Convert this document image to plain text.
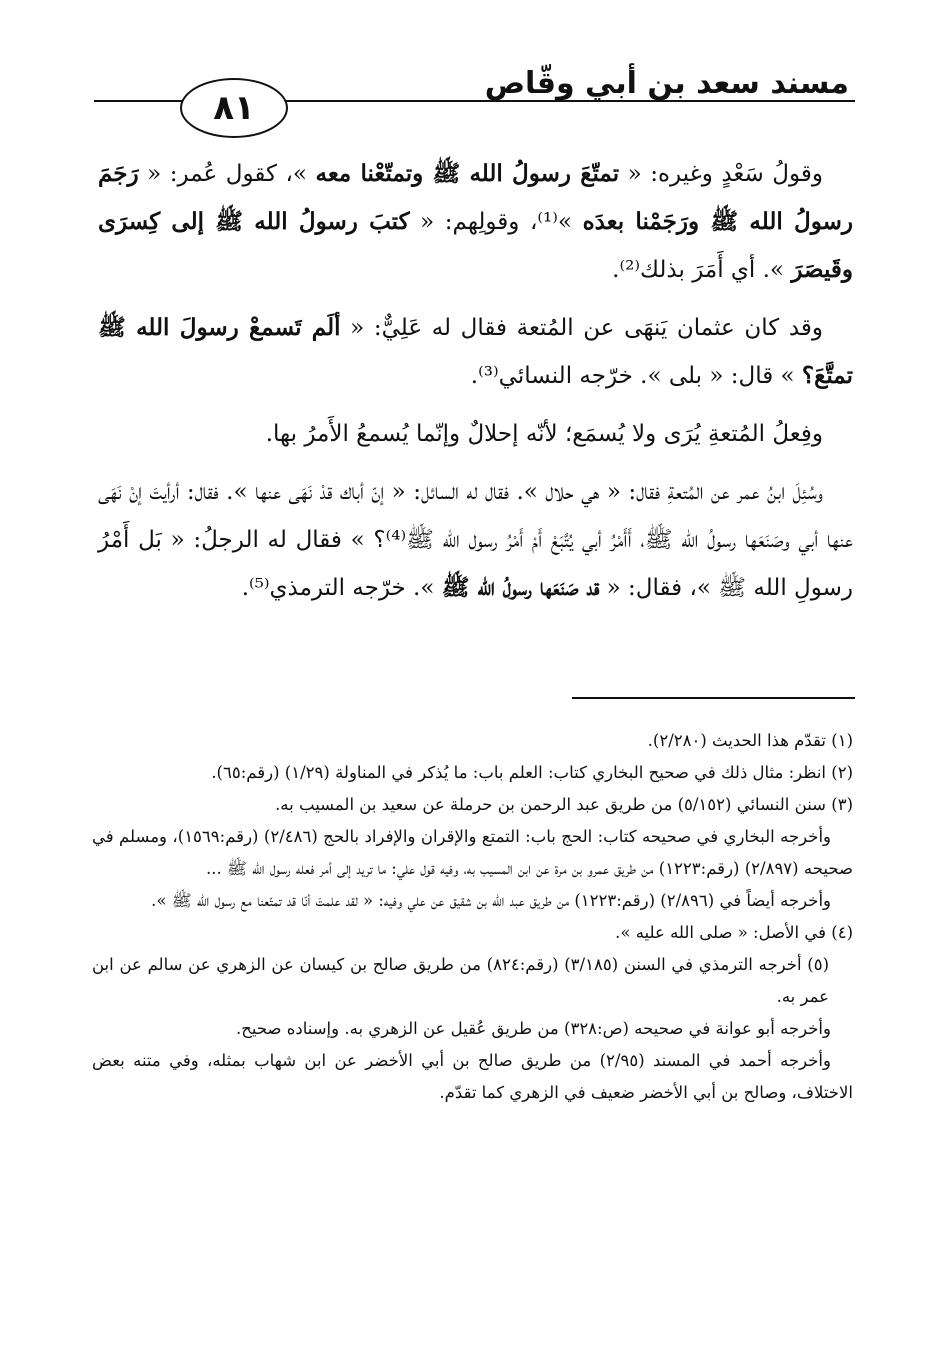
مسند سعد بن أبي وقّاص
٨١

وقولُ سَعْدٍ وغيره: « تمتّعَ رسولُ الله ﷺ وتمتّعْنا معه »، كقول عُمر: « رَجَمَ رسولُ الله ﷺ ورَجَمْنا بعدَه »⁽¹⁾، وقولِهم: « كتبَ رسولُ الله ﷺ إلى كِسرَى وقَيصَرَ ». أي أَمَرَ بذلك⁽²⁾.

وقد كان عثمان يَنهَى عن المُتعة فقال له عَلِيٌّ: « ألَم تَسمعْ رسولَ الله ﷺ تمتَّعَ؟ » قال: « بلى ». خرّجه النسائي⁽³⁾.

وفِعلُ المُتعةِ يُرَى ولا يُسمَع؛ لأنّه إحلالٌ وإنّما يُسمعُ الأَمرُ بها.

وسُئِلَ ابنُ عمر عن المُتعةِ فقال: « هي حلال ». فقال له السائل: « إنّ أباك قدْ نَهَى عنها ». فقال: أرأيتَ إنْ نَهَى عنها أبي وصَنَعَها رسولُ الله ﷺ، أَأَمْرُ أبي يُتَّبَعْ أَمْ أَمْرُ رسول الله ﷺ⁽⁴⁾؟ » فقال له الرجلُ: « بَل أَمْرُ رسولِ الله ﷺ »، فقال: « قد صَنَعَها رسولُ الله ﷺ ». خرّجه الترمذي⁽⁵⁾.

(١) تقدّم هذا الحديث (٢/٢٨٠).

(٢) انظر: مثال ذلك في صحيح البخاري كتاب: العلم باب: ما يُذكر في المناولة (١/٢٩) (رقم:٦٥).

(٣) سنن النسائي (٥/١٥٢) من طريق عبد الرحمن بن حرملة عن سعيد بن المسيب به.

وأخرجه البخاري في صحيحه كتاب: الحج باب: التمتع والإقران والإفراد بالحج (٢/٤٨٦) (رقم:١٥٦٩)، ومسلم في صحيحه (٢/٨٩٧) (رقم:١٢٢٣) من طريق عمرو بن مرة عن ابن المسيب به، وفيه قول علي: ما تريد إلى أمر فعله رسول الله ﷺ ...

وأخرجه أيضاً في (٢/٨٩٦) (رقم:١٢٢٣) من طريق عبد الله بن شقيق عن علي وفيه: « لقد علمتَ أنّا قد تمتّعنا مع رسول الله ﷺ ».

(٤) في الأصل: « صلى الله عليه ».

(٥) أخرجه الترمذي في السنن (٣/١٨٥) (رقم:٨٢٤) من طريق صالح بن كيسان عن الزهري عن سالم عن ابن عمر به.

وأخرجه أبو عوانة في صحيحه (ص:٣٢٨) من طريق عُقيل عن الزهري به. وإسناده صحيح.

وأخرجه أحمد في المسند (٢/٩٥) من طريق صالح بن أبي الأخضر عن ابن شهاب بمثله، وفي متنه بعض الاختلاف، وصالح بن أبي الأخضر ضعيف في الزهري كما تقدّم.
